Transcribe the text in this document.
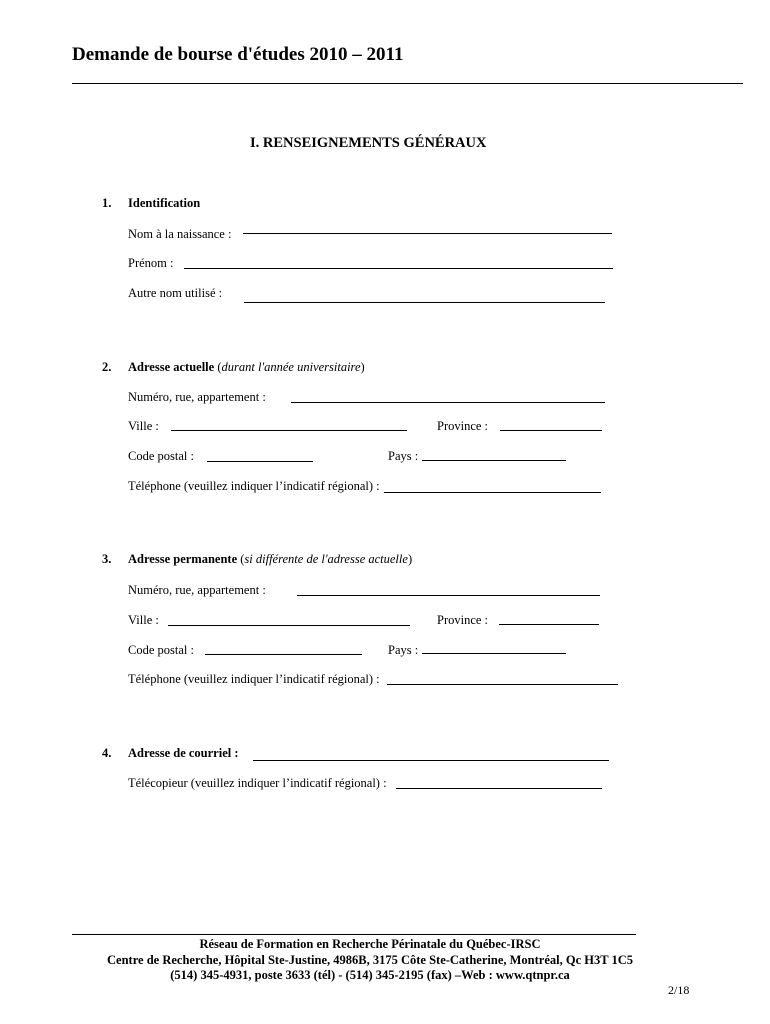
Demande de bourse d'études 2010 – 2011
I. RENSEIGNEMENTS GÉNÉRAUX
1. Identification
Nom à la naissance :
Prénom :
Autre nom utilisé :
2. Adresse actuelle (durant l'année universitaire)
Numéro, rue, appartement :
Ville :	Province :
Code postal :	Pays :
Téléphone (veuillez indiquer l’indicatif régional) :
3. Adresse permanente (si différente de l'adresse actuelle)
Numéro, rue, appartement :
Ville :	Province :
Code postal :	Pays :
Téléphone (veuillez indiquer l’indicatif régional) :
4. Adresse de courriel :
Télécopieur (veuillez indiquer l’indicatif régional) :
Réseau de Formation en Recherche Périnatale du Québec-IRSC
Centre de Recherche, Hôpital Ste-Justine, 4986B, 3175 Côte Ste-Catherine, Montréal, Qc H3T 1C5
(514) 345-4931, poste 3633 (tél) - (514) 345-2195 (fax) –Web : www.qtnpr.ca
2/18
